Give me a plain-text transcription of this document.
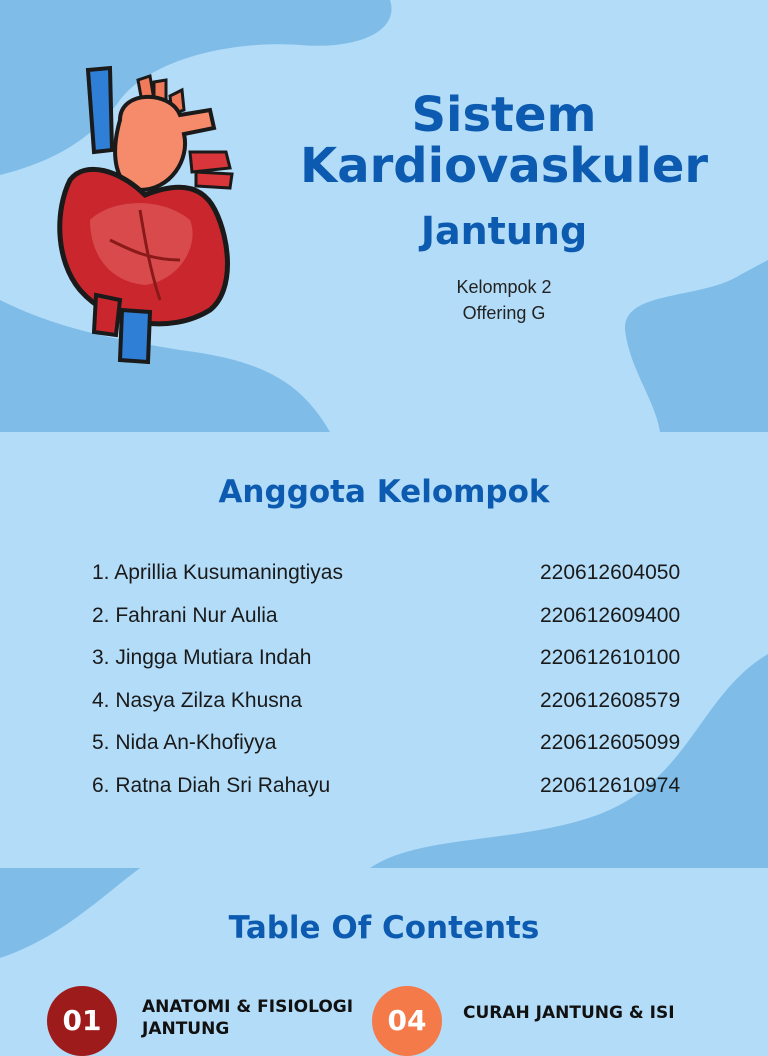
Sistem
Kardiovaskuler
Jantung
Kelompok 2
Offering G
Anggota Kelompok
1. Aprillia Kusumaningtiyas	220612604050
2. Fahrani Nur Aulia	220612609400
3. Jingga Mutiara Indah	220612610100
4. Nasya Zilza Khusna	220612608579
5. Nida An-Khofiyya	220612605099
6. Ratna Diah Sri Rahayu	220612610974
Table Of Contents
01	ANATOMI & FISIOLOGI JANTUNG	04	CURAH JANTUNG & ISI
